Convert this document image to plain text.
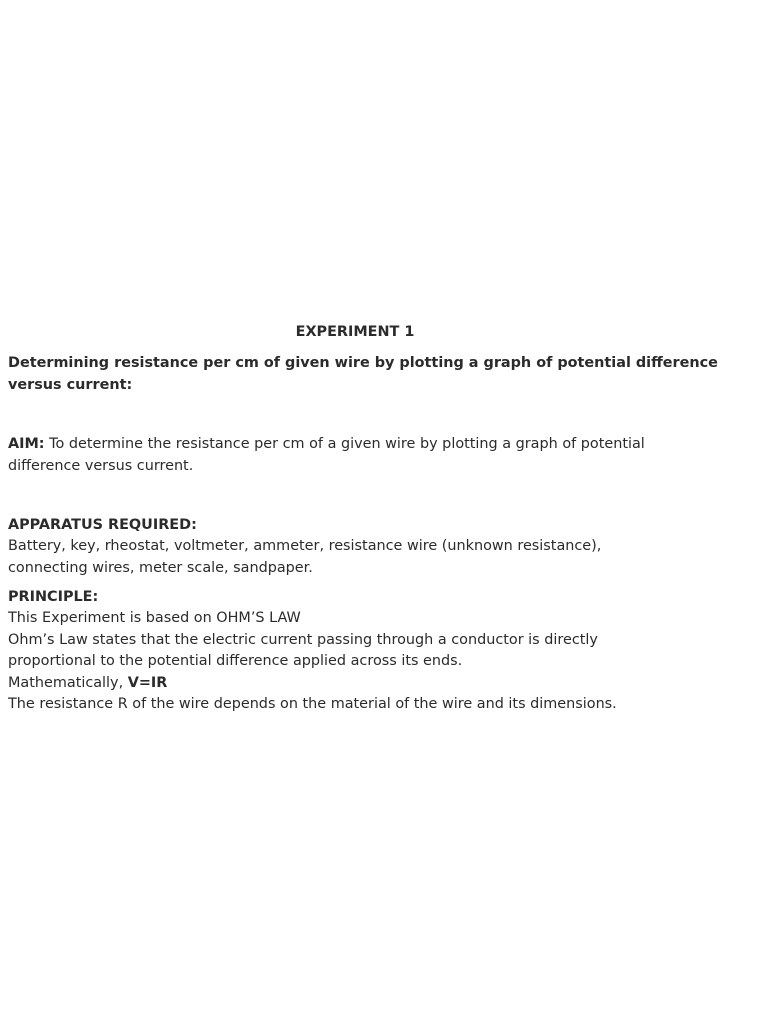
EXPERIMENT 1
Determining resistance per cm of given wire by plotting a graph of potential difference
versus current:
AIM: To determine the resistance per cm of a given wire by plotting a graph of potential
difference versus current.
APPARATUS REQUIRED:
Battery, key, rheostat, voltmeter, ammeter, resistance wire (unknown resistance),
connecting wires, meter scale, sandpaper.
PRINCIPLE:
This Experiment is based on OHM’S LAW
Ohm’s Law states that the electric current passing through a conductor is directly
proportional to the potential difference applied across its ends.
Mathematically, V=IR
The resistance R of the wire depends on the material of the wire and its dimensions.
